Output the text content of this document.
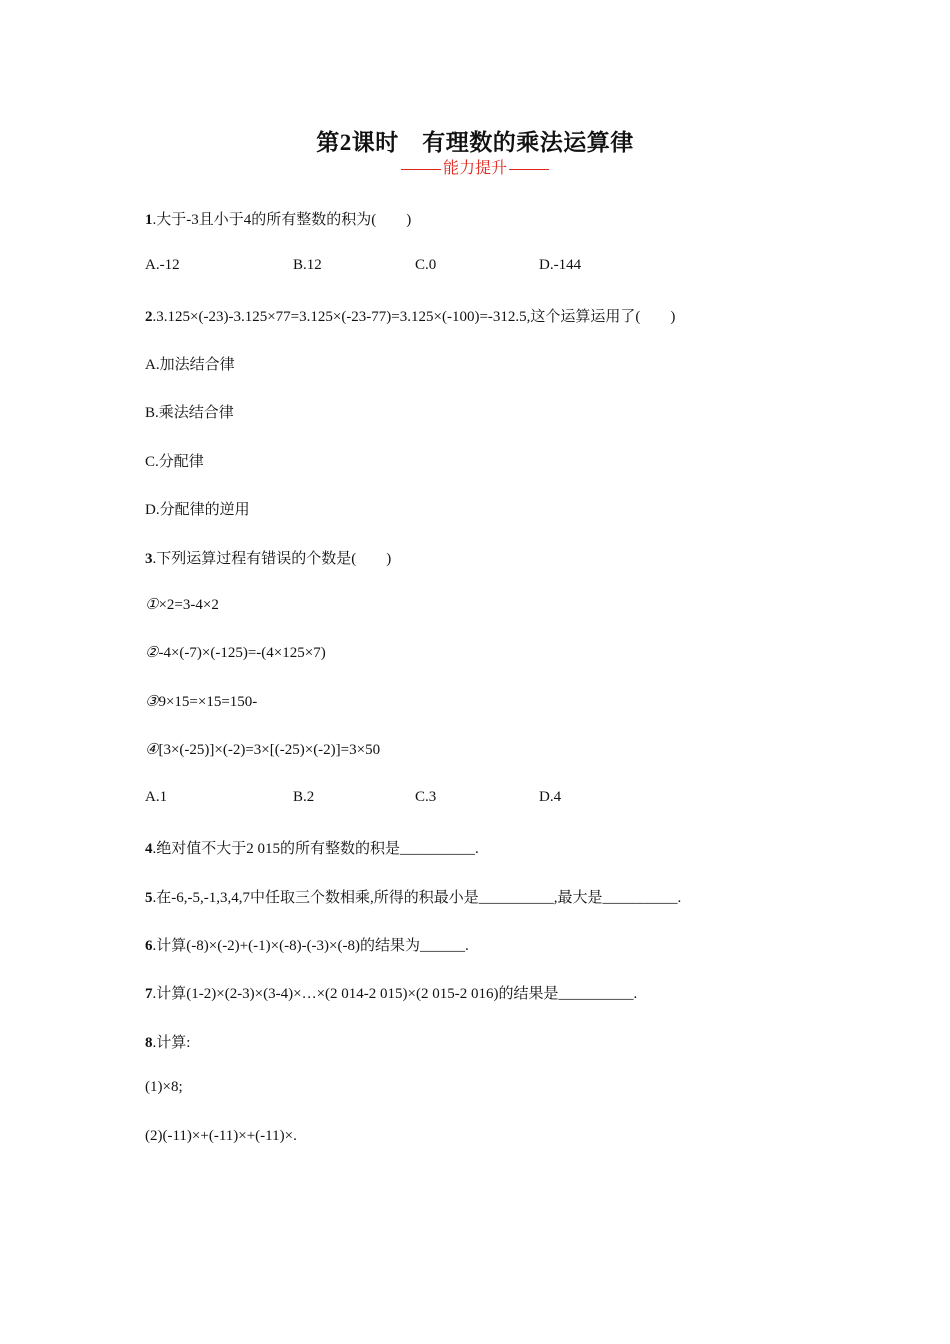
第2课时　有理数的乘法运算律
能力提升
1.大于-3且小于4的所有整数的积为(　　)
A.-12	B.12	C.0	D.-144
2.3.125×(-23)-3.125×77=3.125×(-23-77)=3.125×(-100)=-312.5,这个运算运用了(　　)
A.加法结合律
B.乘法结合律
C.分配律
D.分配律的逆用
3.下列运算过程有错误的个数是(　　)
①×2=3-4×2
②-4×(-7)×(-125)=-(4×125×7)
③9×15=×15=150-
④[3×(-25)]×(-2)=3×[(-25)×(-2)]=3×50
A.1	B.2	C.3	D.4
4.绝对值不大于2 015的所有整数的积是__________.
5.在-6,-5,-1,3,4,7中任取三个数相乘,所得的积最小是__________,最大是__________.
6.计算(-8)×(-2)+(-1)×(-8)-(-3)×(-8)的结果为______.
7.计算(1-2)×(2-3)×(3-4)×…×(2 014-2 015)×(2 015-2 016)的结果是__________.
8.计算:
(1)×8;
(2)(-11)×+(-11)×+(-11)×.
